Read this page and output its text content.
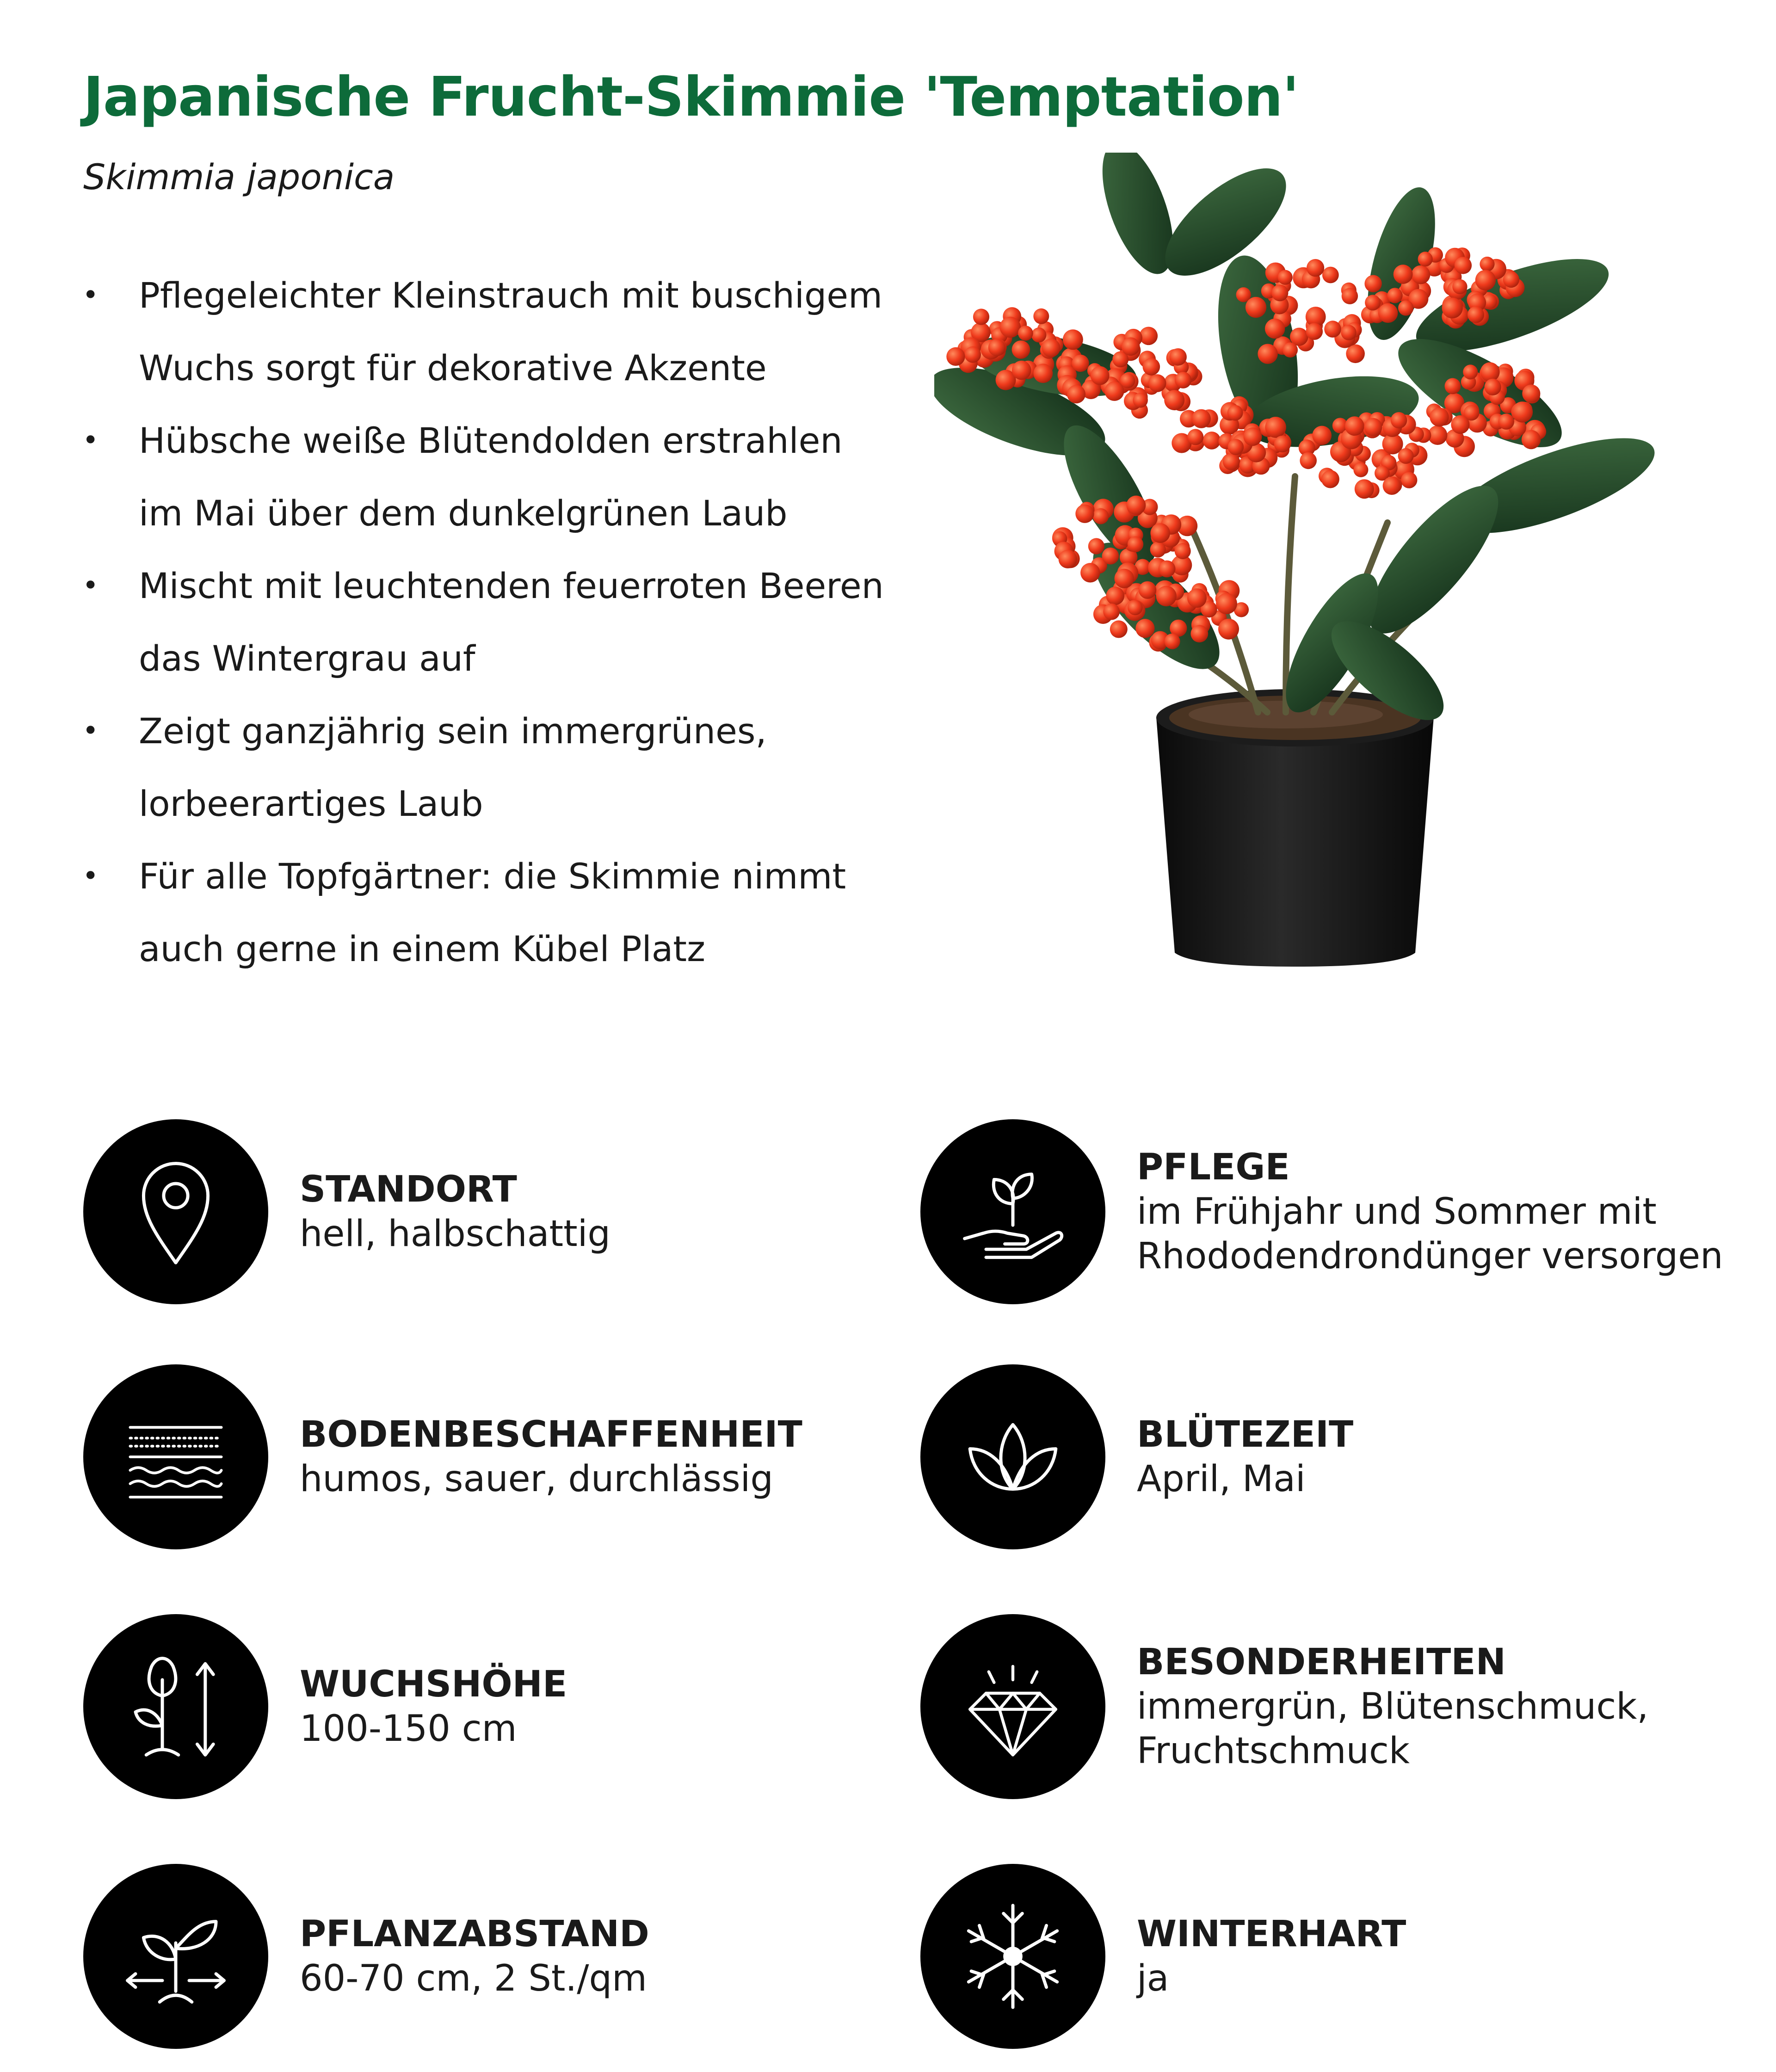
Japanische Frucht-Skimmie 'Temptation'
Skimmia japonica
• Pflegeleichter Kleinstrauch mit buschigem
Wuchs sorgt für dekorative Akzente
• Hübsche weiße Blütendolden erstrahlen
im Mai über dem dunkelgrünen Laub
• Mischt mit leuchtenden feuerroten Beeren
das Wintergrau auf
• Zeigt ganzjährig sein immergrünes,
lorbeerartiges Laub
• Für alle Topfgärtner: die Skimmie nimmt
auch gerne in einem Kübel Platz
STANDORT
hell, halbschattig
PFLEGE
im Frühjahr und Sommer mit
Rhododendrondünger versorgen
BODENBESCHAFFENHEIT
humos, sauer, durchlässig
BLÜTEZEIT
April, Mai
WUCHSHÖHE
100-150 cm
BESONDERHEITEN
immergrün, Blütenschmuck,
Fruchtschmuck
PFLANZABSTAND
60-70 cm, 2 St./qm
WINTERHART
ja
